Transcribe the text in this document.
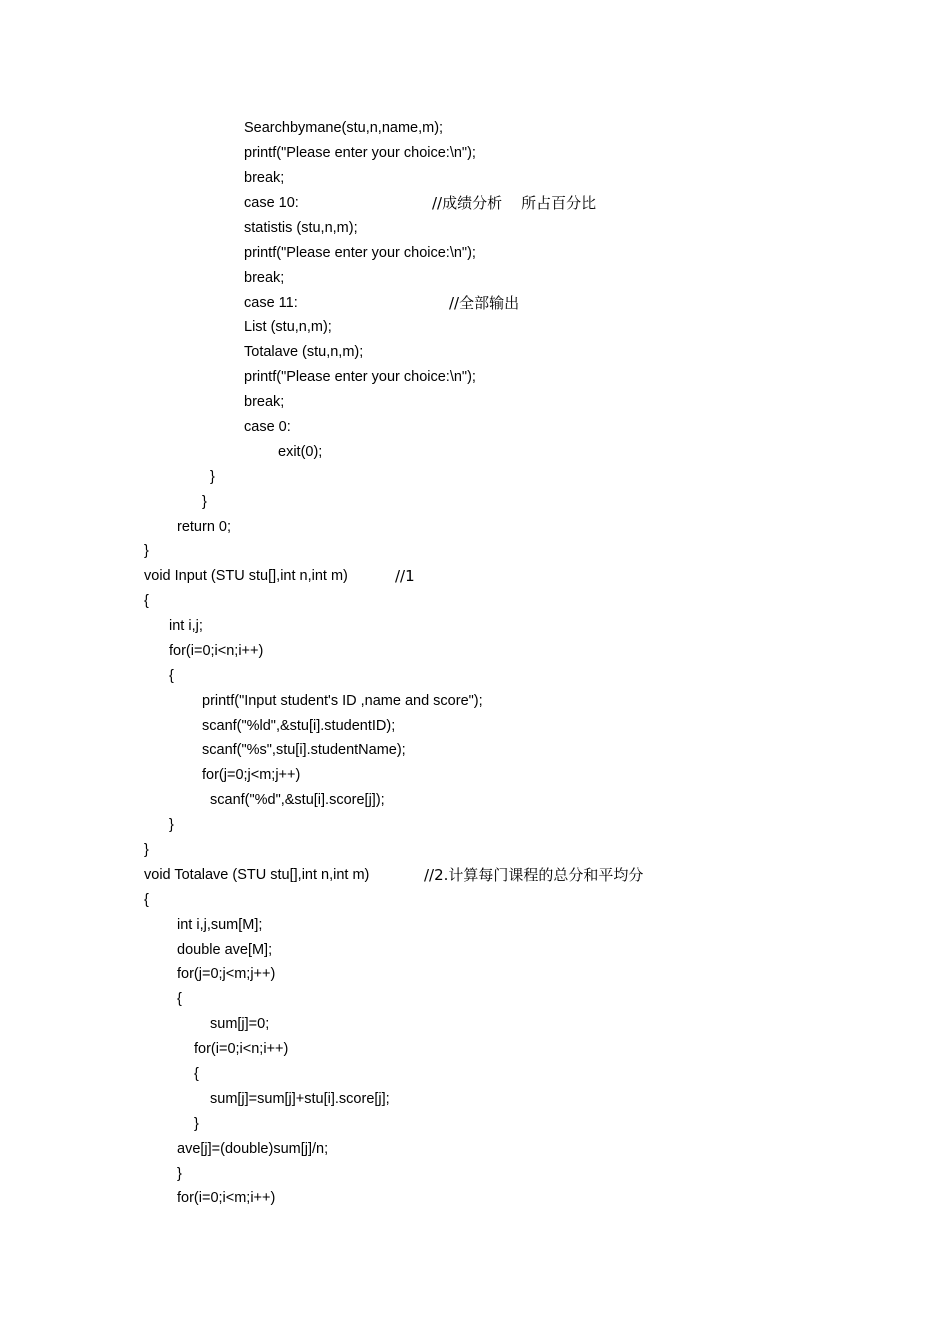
Searchbymane(stu,n,name,m);
printf("Please enter your choice:\n");
break;
case 10:	//成绩分析    所占百分比
statistis (stu,n,m);
printf("Please enter your choice:\n");
break;
case 11:	//全部输出
List (stu,n,m);
Totalave (stu,n,m);
printf("Please enter your choice:\n");
break;
case 0:
exit(0);
}
}
return 0;
}
void Input (STU stu[],int n,int m)	//1
{
int i,j;
for(i=0;i<n;i++)
{
printf("Input student's ID ,name and score");
scanf("%ld",&stu[i].studentID);
scanf("%s",stu[i].studentName);
for(j=0;j<m;j++)
scanf("%d",&stu[i].score[j]);
}
}
void Totalave (STU stu[],int n,int m)	//2.计算每门课程的总分和平均分
{
int i,j,sum[M];
double ave[M];
for(j=0;j<m;j++)
{
sum[j]=0;
for(i=0;i<n;i++)
{
sum[j]=sum[j]+stu[i].score[j];
}
ave[j]=(double)sum[j]/n;
}
for(i=0;i<m;i++)
